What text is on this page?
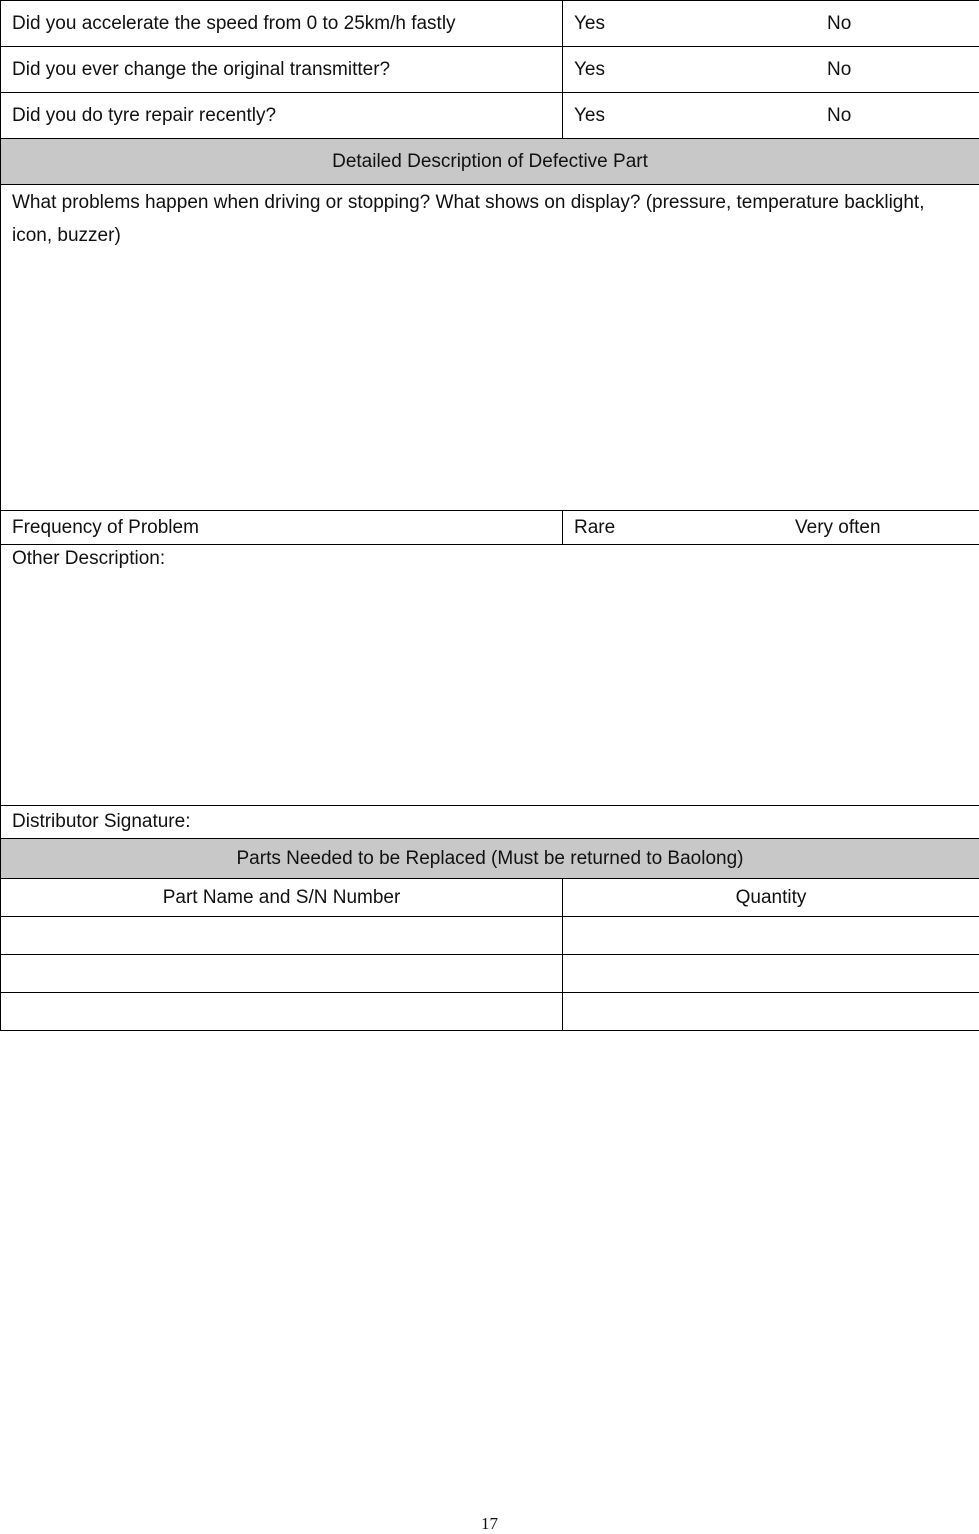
Did you accelerate the speed from 0 to 25km/h fastly	Yes No

Did you ever change the original transmitter?	Yes No

Did you do tyre repair recently?	Yes No

Detailed Description of Defective Part	

What problems happen when driving or stopping? What shows on display? (pressure, temperature backlight, icon, buzzer)	

Frequency of Problem	Rare Very often

Other Description:	
Distributor Signature:	
Parts Needed to be Replaced (Must be returned to Baolong)	
Part Name and S/N Number	Quantity

17
